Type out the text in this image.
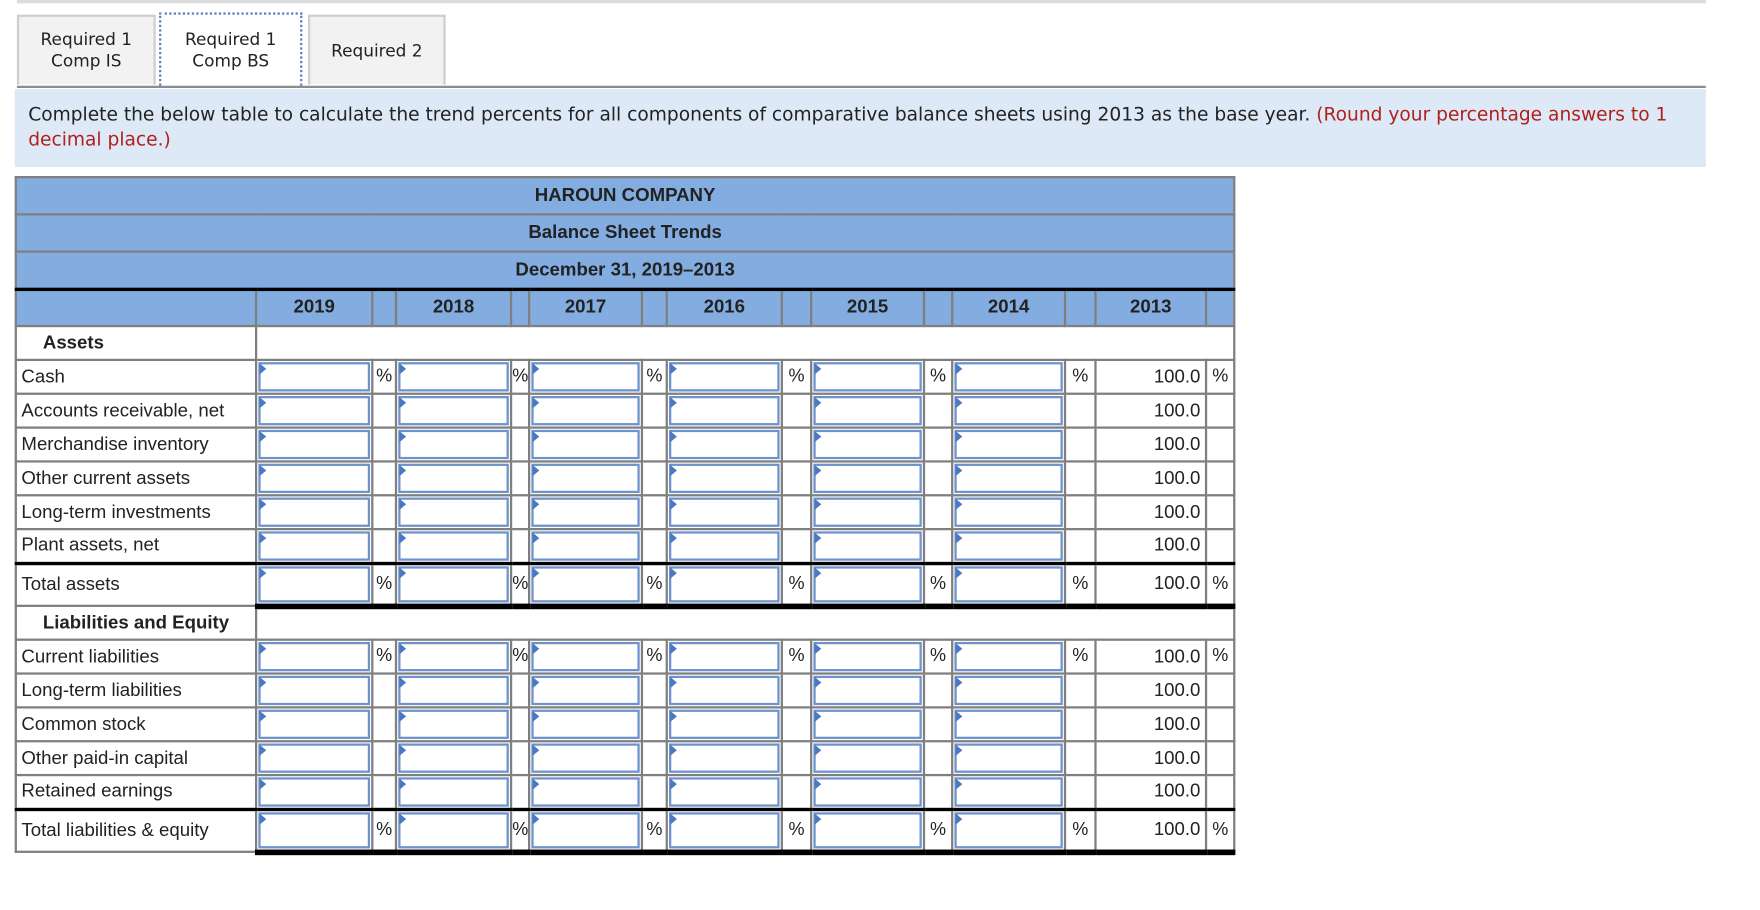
Required 1
Comp IS
Required 1
Comp BS	Required 2
Complete the below table to calculate the trend percents for all components of comparative balance sheets using 2013 as the base year. (Round your percentage answers to 1 decimal place.)
HAROUN COMPANY														
Balance Sheet Trends														
December 31, 2019–2013														
	2019		2018		2017		2016		2015		2014		2013	
Assets														
Cash		%		%		%		%		%		%	100.0	%
Accounts receivable, net													100.0	
Merchandise inventory													100.0	
Other current assets													100.0	
Long-term investments													100.0	
Plant assets, net													100.0	
Total assets		%		%		%		%		%		%	100.0	%
Liabilities and Equity														
Current liabilities		%		%		%		%		%		%	100.0	%
Long-term liabilities													100.0	
Common stock													100.0	
Other paid-in capital													100.0	
Retained earnings													100.0	
Total liabilities & equity		%		%		%		%		%		%	100.0	%
